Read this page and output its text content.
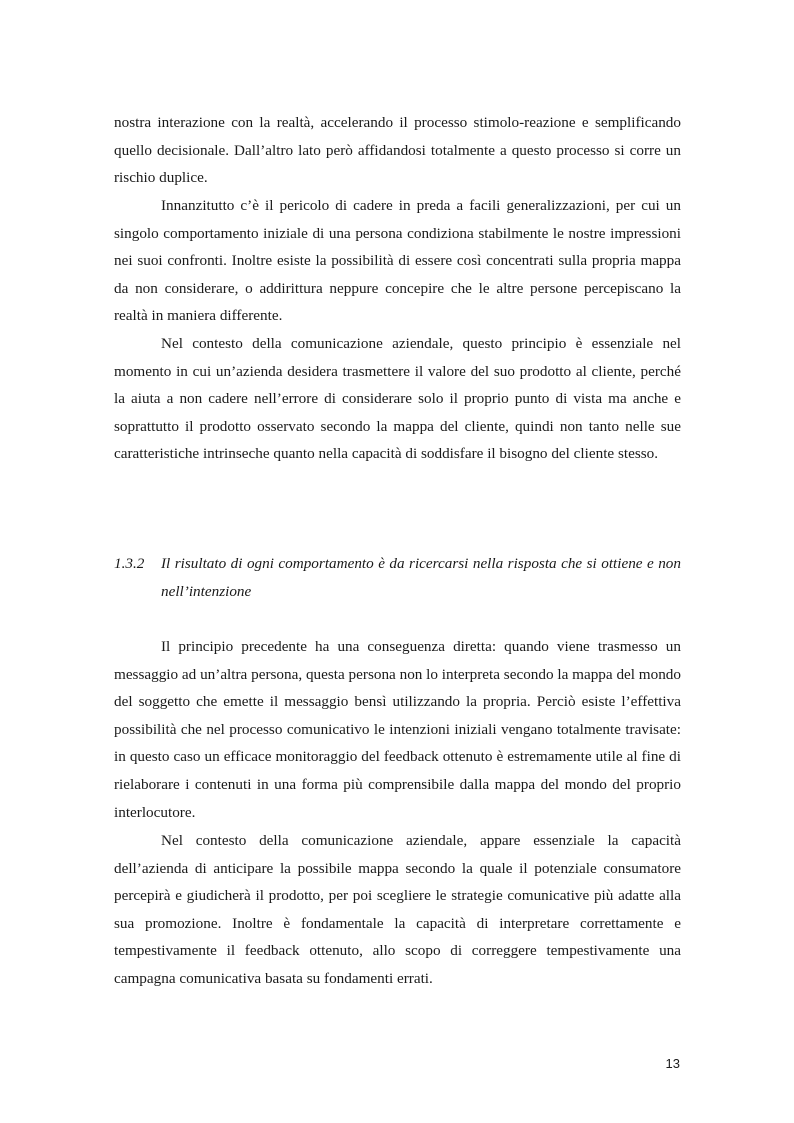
nostra interazione con la realtà, accelerando il processo stimolo-reazione e semplificando quello decisionale. Dall’altro lato però affidandosi totalmente a questo processo si corre un rischio duplice.

Innanzitutto c’è il pericolo di cadere in preda a facili generalizzazioni, per cui un singolo comportamento iniziale di una persona condiziona stabilmente le nostre impressioni nei suoi confronti. Inoltre esiste la possibilità di essere così concentrati sulla propria mappa da non considerare, o addirittura neppure concepire che le altre persone percepiscano la realtà in maniera differente.

Nel contesto della comunicazione aziendale, questo principio è essenziale nel momento in cui un’azienda desidera trasmettere il valore del suo prodotto al cliente, perché la aiuta a non cadere nell’errore di considerare solo il proprio punto di vista ma anche e soprattutto il prodotto osservato secondo la mappa del cliente, quindi non tanto nelle sue caratteristiche intrinseche quanto nella capacità di soddisfare il bisogno del cliente stesso.

1.3.2 Il risultato di ogni comportamento è da ricercarsi nella risposta che si ottiene e non nell’intenzione

Il principio precedente ha una conseguenza diretta: quando viene trasmesso un messaggio ad un’altra persona, questa persona non lo interpreta secondo la mappa del mondo del soggetto che emette il messaggio bensì utilizzando la propria. Perciò esiste l’effettiva possibilità che nel processo comunicativo le intenzioni iniziali vengano totalmente travisate: in questo caso un efficace monitoraggio del feedback ottenuto è estremamente utile al fine di rielaborare i contenuti in una forma più comprensibile dalla mappa del mondo del proprio interlocutore.

Nel contesto della comunicazione aziendale, appare essenziale la capacità dell’azienda di anticipare la possibile mappa secondo la quale il potenziale consumatore percepirà e giudicherà il prodotto, per poi scegliere le strategie comunicative più adatte alla sua promozione. Inoltre è fondamentale la capacità di interpretare correttamente e tempestivamente il feedback ottenuto, allo scopo di correggere tempestivamente una campagna comunicativa basata su fondamenti errati.

13
